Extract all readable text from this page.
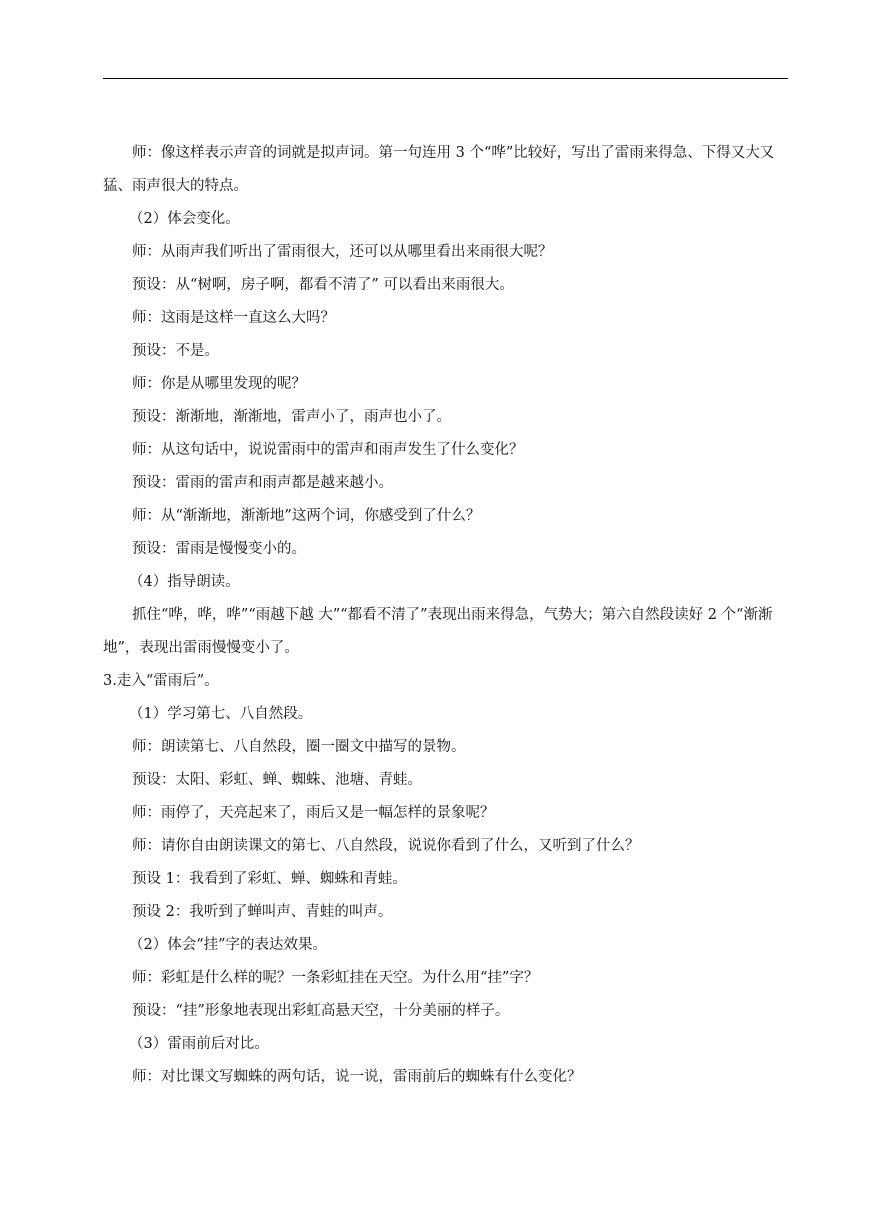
师：像这样表示声音的词就是拟声词。第一句连用 3 个“哗”比较好，写出了雷雨来得急、下得又大又猛、雨声很大的特点。

（2）体会变化。

师：从雨声我们听出了雷雨很大，还可以从哪里看出来雨很大呢？

预设：从“树啊，房子啊，都看不清了” 可以看出来雨很大。

师：这雨是这样一直这么大吗？

预设：不是。

师：你是从哪里发现的呢？

预设：渐渐地，渐渐地，雷声小了，雨声也小了。

师：从这句话中，说说雷雨中的雷声和雨声发生了什么变化？

预设：雷雨的雷声和雨声都是越来越小。

师：从“渐渐地，渐渐地”这两个词，你感受到了什么？

预设：雷雨是慢慢变小的。

（4）指导朗读。

抓住“哗，哗，哗”“雨越下越 大”“都看不清了”表现出雨来得急，气势大；第六自然段读好 2 个“渐渐地”，表现出雷雨慢慢变小了。

3.走入“雷雨后”。

（1）学习第七、八自然段。

师：朗读第七、八自然段，圈一圈文中描写的景物。

预设：太阳、彩虹、蝉、蜘蛛、池塘、青蛙。

师：雨停了，天亮起来了，雨后又是一幅怎样的景象呢？

师：请你自由朗读课文的第七、八自然段，说说你看到了什么，又听到了什么？

预设 1：我看到了彩虹、蝉、蜘蛛和青蛙。

预设 2：我听到了蝉叫声、青蛙的叫声。

（2）体会“挂”字的表达效果。

师：彩虹是什么样的呢？一条彩虹挂在天空。为什么用“挂”字？

预设：“挂”形象地表现出彩虹高悬天空，十分美丽的样子。

（3）雷雨前后对比。

师：对比课文写蜘蛛的两句话，说一说，雷雨前后的蜘蛛有什么变化？
